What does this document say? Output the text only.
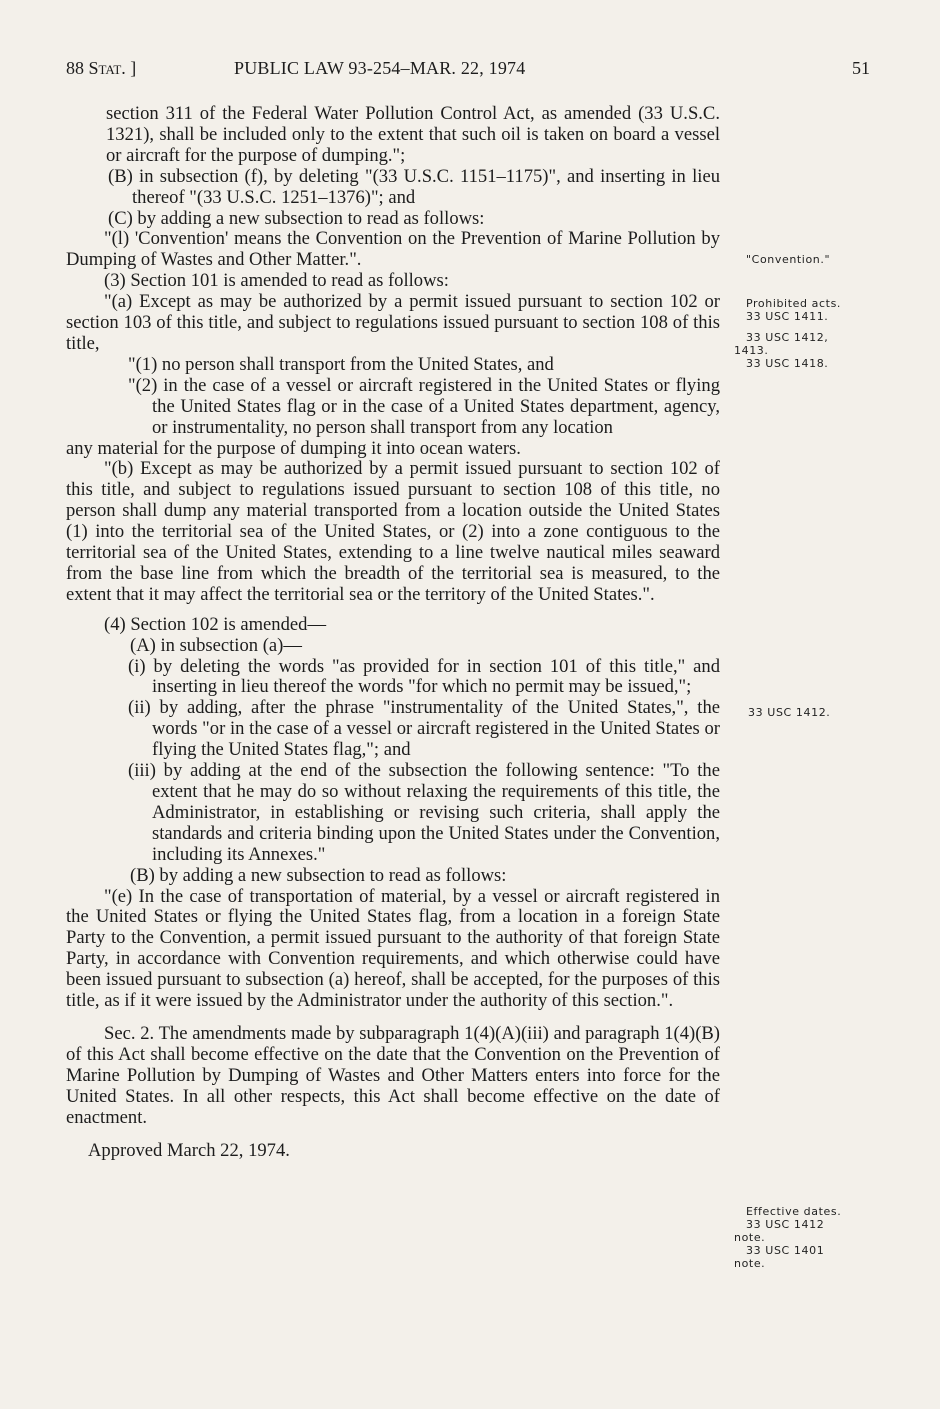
88 Stat. ]	PUBLIC LAW 93-254–MAR. 22, 1974	51

section 311 of the Federal Water Pollution Control Act, as amended (33 U.S.C. 1321), shall be included only to the extent that such oil is taken on board a vessel or aircraft for the purpose of dumping.";

(B) in subsection (f), by deleting "(33 U.S.C. 1151–1175)", and inserting in lieu thereof "(33 U.S.C. 1251–1376)"; and

(C) by adding a new subsection to read as follows:

"(l) 'Convention' means the Convention on the Prevention of Marine Pollution by Dumping of Wastes and Other Matter.".

(3) Section 101 is amended to read as follows:

"(a) Except as may be authorized by a permit issued pursuant to section 102 or section 103 of this title, and subject to regulations issued pursuant to section 108 of this title,

"(1) no person shall transport from the United States, and

"(2) in the case of a vessel or aircraft registered in the United States or flying the United States flag or in the case of a United States department, agency, or instrumentality, no person shall transport from any location

any material for the purpose of dumping it into ocean waters.

"(b) Except as may be authorized by a permit issued pursuant to section 102 of this title, and subject to regulations issued pursuant to section 108 of this title, no person shall dump any material transported from a location outside the United States (1) into the territorial sea of the United States, or (2) into a zone contiguous to the territorial sea of the United States, extending to a line twelve nautical miles seaward from the base line from which the breadth of the territorial sea is measured, to the extent that it may affect the territorial sea or the territory of the United States.".

(4) Section 102 is amended—

(A) in subsection (a)—

(i) by deleting the words "as provided for in section 101 of this title," and inserting in lieu thereof the words "for which no permit may be issued,";

(ii) by adding, after the phrase "instrumentality of the United States,", the words "or in the case of a vessel or aircraft registered in the United States or flying the United States flag,"; and

(iii) by adding at the end of the subsection the following sentence: "To the extent that he may do so without relaxing the requirements of this title, the Administrator, in establishing or revising such criteria, shall apply the standards and criteria binding upon the United States under the Convention, including its Annexes."

(B) by adding a new subsection to read as follows:

"(e) In the case of transportation of material, by a vessel or aircraft registered in the United States or flying the United States flag, from a location in a foreign State Party to the Convention, a permit issued pursuant to the authority of that foreign State Party, in accordance with Convention requirements, and which otherwise could have been issued pursuant to subsection (a) hereof, shall be accepted, for the purposes of this title, as if it were issued by the Administrator under the authority of this section.".

Sec. 2. The amendments made by subparagraph 1(4)(A)(iii) and paragraph 1(4)(B) of this Act shall become effective on the date that the Convention on the Prevention of Marine Pollution by Dumping of Wastes and Other Matters enters into force for the United States. In all other respects, this Act shall become effective on the date of enactment.

Approved March 22, 1974.

"Convention."
Prohibited acts.
33 USC 1411.
33 USC 1412,
1413.
33 USC 1418.
33 USC 1412.
Effective dates.
33 USC 1412
note.
33 USC 1401
note.
